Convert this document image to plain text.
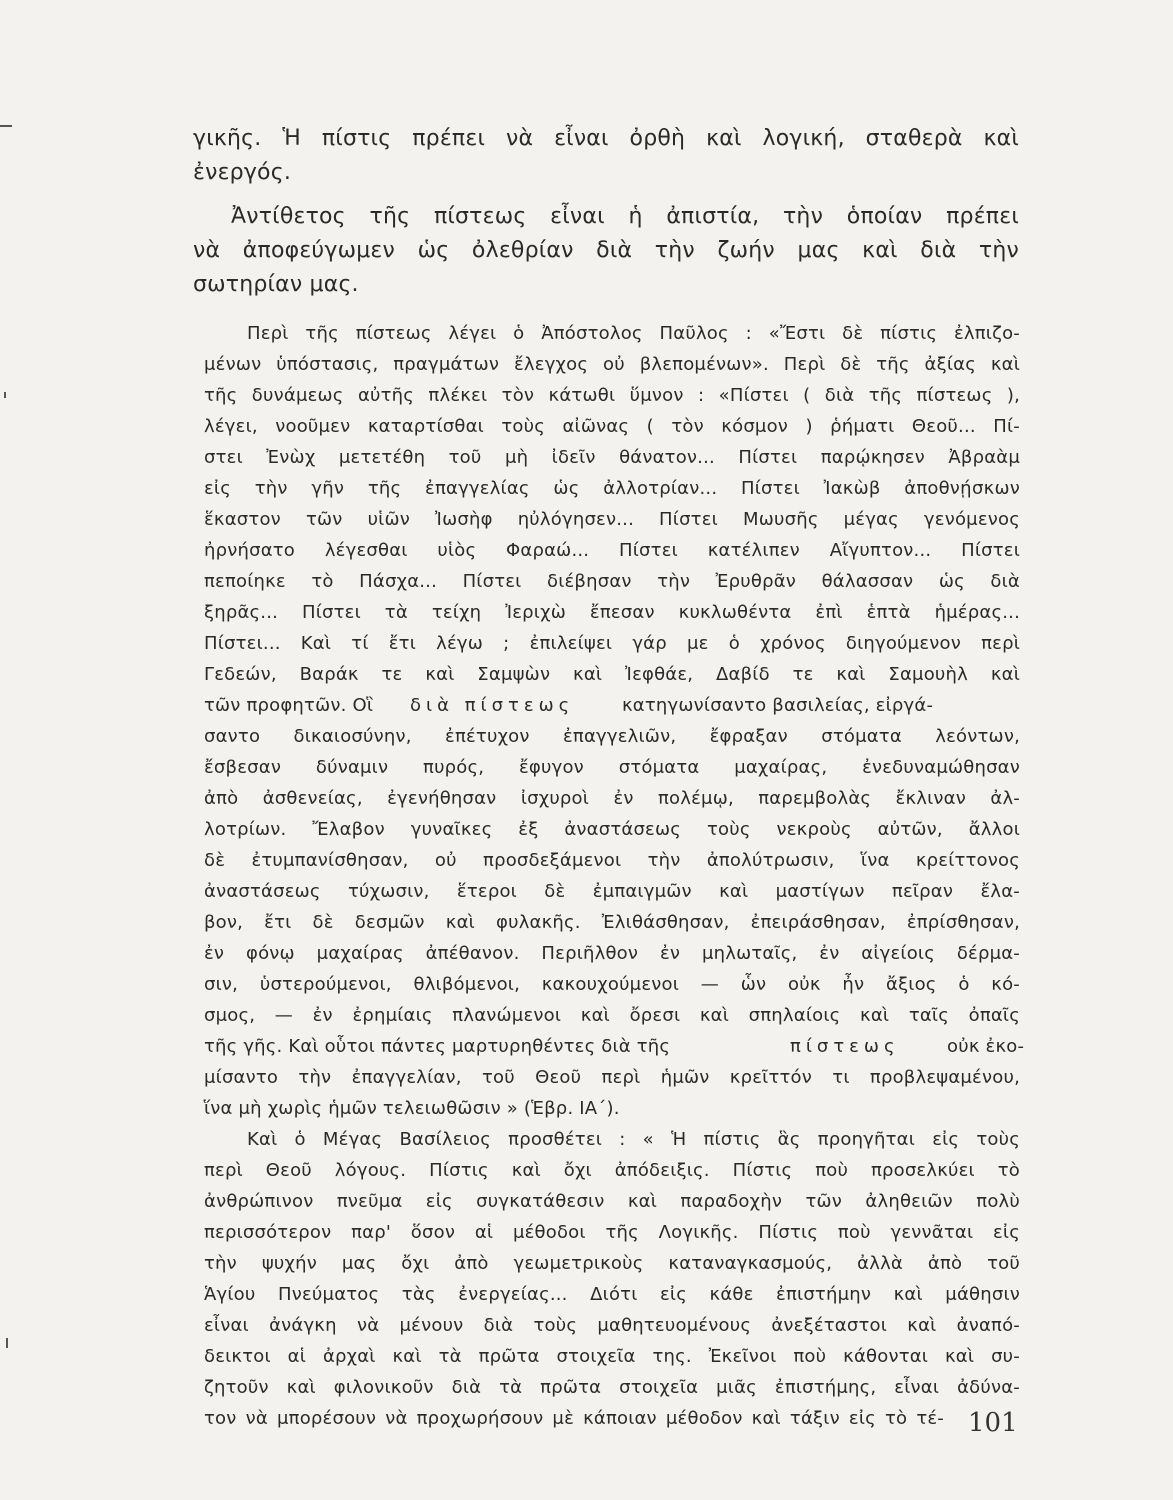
γικῆς. Ἡ πίστις πρέπει νὰ εἶναι ὀρθὴ καὶ λογική, σταθερὰ καὶ
ἐνεργός.
Ἀντίθετος τῆς πίστεως εἶναι ἡ ἀπιστία, τὴν ὁποίαν πρέπει
νὰ ἀποφεύγωμεν ὡς ὀλεθρίαν διὰ τὴν ζωήν μας καὶ διὰ τὴν
σωτηρίαν μας.
Περὶ τῆς πίστεως λέγει ὁ Ἀπόστολος Παῦλος : «Ἔστι δὲ πίστις ἐλπιζο-
μένων ὑπόστασις, πραγμάτων ἔλεγχος οὐ βλεπομένων». Περὶ δὲ τῆς ἀξίας καὶ
τῆς δυνάμεως αὐτῆς πλέκει τὸν κάτωθι ὕμνον : «Πίστει ( διὰ τῆς πίστεως ),
λέγει, νοοῦμεν καταρτίσθαι τοὺς αἰῶνας ( τὸν κόσμον ) ῥήματι Θεοῦ... Πί-
στει Ἐνὼχ μετετέθη τοῦ μὴ ἰδεῖν θάνατον... Πίστει παρῴκησεν Ἀβραὰμ
εἰς τὴν γῆν τῆς ἐπαγγελίας ὡς ἀλλοτρίαν... Πίστει Ἰακὼβ ἀποθνῄσκων
ἕκαστον τῶν υἱῶν Ἰωσὴφ ηὐλόγησεν... Πίστει Μωυσῆς μέγας γενόμενος
ἠρνήσατο λέγεσθαι υἱὸς Φαραώ... Πίστει κατέλιπεν Αἴγυπτον... Πίστει
πεποίηκε τὸ Πάσχα... Πίστει διέβησαν τὴν Ἐρυθρᾶν θάλασσαν ὡς διὰ
ξηρᾶς... Πίστει τὰ τείχη Ἰεριχὼ ἔπεσαν κυκλωθέντα ἐπὶ ἑπτὰ ἡμέρας...
Πίστει... Καὶ τί ἔτι λέγω ; ἐπιλείψει γάρ με ὁ χρόνος διηγούμενον περὶ
Γεδεών, Βαράκ τε καὶ Σαμψὼν καὶ Ἰεφθάε, Δαβίδ τε καὶ Σαμουὴλ καὶ
τῶν προφητῶν. Οἳ διὰ πίστεως	κατηγωνίσαντο βασιλείας, εἰργά-
σαντο δικαιοσύνην, ἐπέτυχον ἐπαγγελιῶν, ἔφραξαν στόματα λεόντων,
ἔσβεσαν δύναμιν πυρός, ἔφυγον στόματα μαχαίρας, ἐνεδυναμώθησαν
ἀπὸ ἀσθενείας, ἐγενήθησαν ἰσχυροὶ ἐν πολέμῳ, παρεμβολὰς ἔκλιναν ἀλ-
λοτρίων. Ἔλαβον γυναῖκες ἐξ ἀναστάσεως τοὺς νεκροὺς αὐτῶν, ἄλλοι
δὲ ἐτυμπανίσθησαν, οὐ προσδεξάμενοι τὴν ἀπολύτρωσιν, ἵνα κρείττονος
ἀναστάσεως τύχωσιν, ἕτεροι δὲ ἐμπαιγμῶν καὶ μαστίγων πεῖραν ἔλα-
βον, ἔτι δὲ δεσμῶν καὶ φυλακῆς. Ἐλιθάσθησαν, ἐπειράσθησαν, ἐπρίσθησαν,
ἐν φόνῳ μαχαίρας ἀπέθανον. Περιῆλθον ἐν μηλωταῖς, ἐν αἰγείοις δέρμα-
σιν, ὑστερούμενοι, θλιβόμενοι, κακουχούμενοι — ὧν οὐκ ἦν ἄξιος ὁ κό-
σμος, — ἐν ἐρημίαις πλανώμενοι καὶ ὄρεσι καὶ σπηλαίοις καὶ ταῖς ὀπαῖς
τῆς γῆς. Καὶ οὗτοι πάντες μαρτυρηθέντες διὰ τῆς	πίστεως	οὐκ ἐκο-
μίσαντο τὴν ἐπαγγελίαν, τοῦ Θεοῦ περὶ ἡμῶν κρεῖττόν τι προβλεψαμένου,
ἵνα μὴ χωρὶς ἡμῶν τελειωθῶσιν » (Ἑβρ. ΙΑ΄).
Καὶ ὁ Μέγας Βασίλειος προσθέτει : « Ἡ πίστις ἃς προηγῆται εἰς τοὺς
περὶ Θεοῦ λόγους. Πίστις καὶ ὄχι ἀπόδειξις. Πίστις ποὺ προσελκύει τὸ
ἀνθρώπινον πνεῦμα εἰς συγκατάθεσιν καὶ παραδοχὴν τῶν ἀληθειῶν πολὺ
περισσότερον παρ' ὅσον αἱ μέθοδοι τῆς Λογικῆς. Πίστις ποὺ γεννᾶται εἰς
τὴν ψυχήν μας ὄχι ἀπὸ γεωμετρικοὺς καταναγκασμούς, ἀλλὰ ἀπὸ τοῦ
Ἁγίου Πνεύματος τὰς ἐνεργείας... Διότι εἰς κάθε ἐπιστήμην καὶ μάθησιν
εἶναι ἀνάγκη νὰ μένουν διὰ τοὺς μαθητευομένους ἀνεξέταστοι καὶ ἀναπό-
δεικτοι αἱ ἀρχαὶ καὶ τὰ πρῶτα στοιχεῖα της. Ἐκεῖνοι ποὺ κάθονται καὶ συ-
ζητοῦν καὶ φιλονικοῦν διὰ τὰ πρῶτα στοιχεῖα μιᾶς ἐπιστήμης, εἶναι ἀδύνα-
τον νὰ μπορέσουν νὰ προχωρήσουν μὲ κάποιαν μέθοδον καὶ τάξιν εἰς τὸ τέ- 101
